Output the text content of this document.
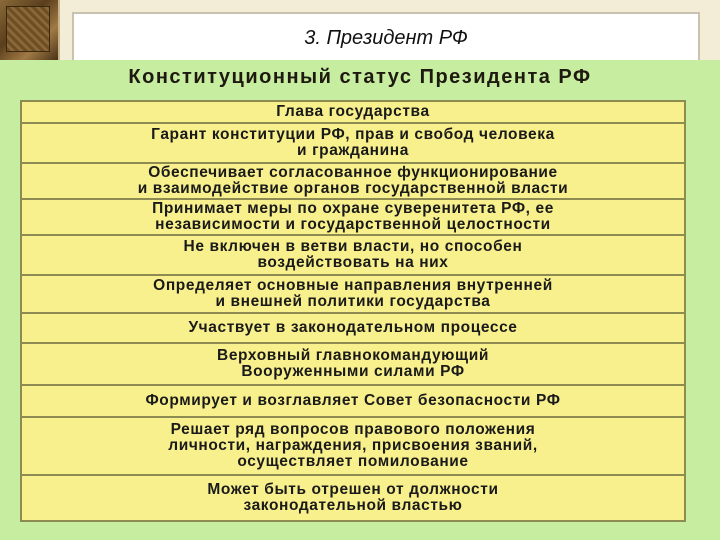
3. Президент РФ
Конституционный статус Президента РФ
Глава государства
Гарант конституции РФ, прав и свобод человека
и гражданина
Обеспечивает согласованное функционирование
и взаимодействие органов государственной власти
Принимает меры по охране суверенитета РФ, ее
независимости и государственной целостности
Не включен в ветви власти, но способен
воздействовать на них
Определяет основные направления внутренней
и внешней политики государства
Участвует в законодательном процессе
Верховный главнокомандующий
Вооруженными силами РФ
Формирует и возглавляет Совет безопасности РФ
Решает ряд вопросов правового положения
личности, награждения, присвоения званий,
осуществляет помилование
Может быть отрешен от должности
законодательной властью
